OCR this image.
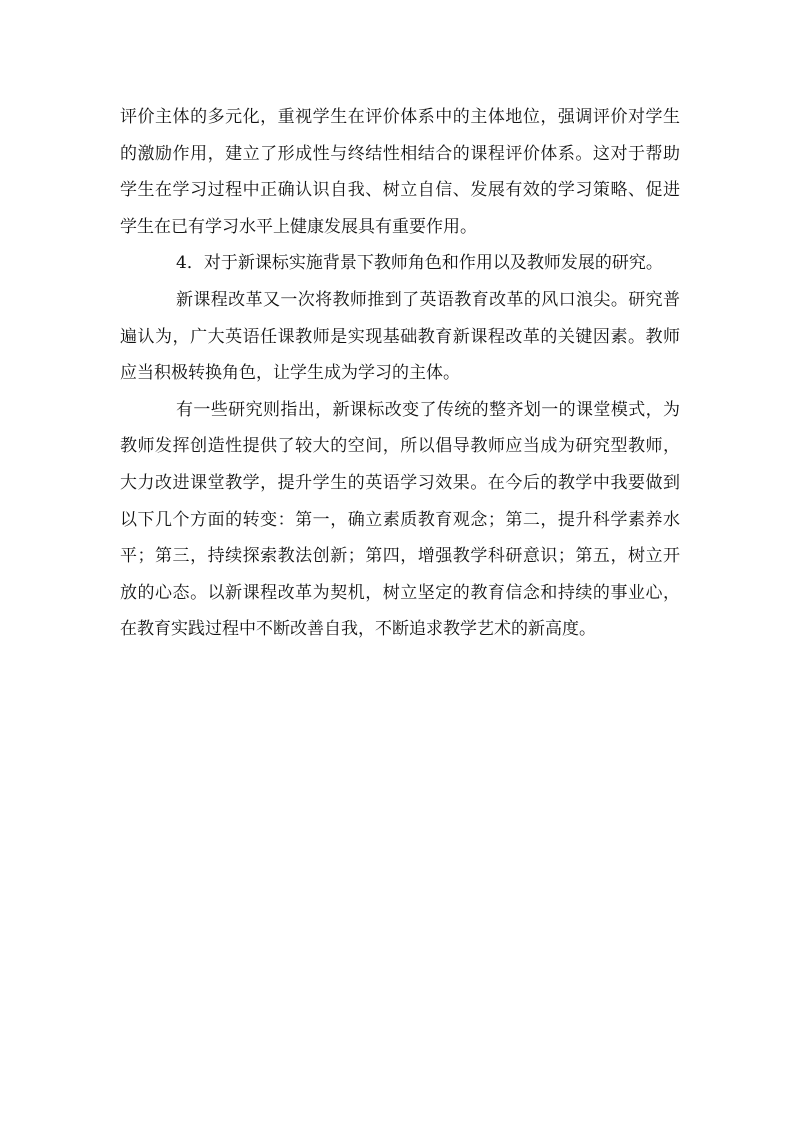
评价主体的多元化，重视学生在评价体系中的主体地位，强调评价对学生的激励作用，建立了形成性与终结性相结合的课程评价体系。这对于帮助学生在学习过程中正确认识自我、树立自信、发展有效的学习策略、促进学生在已有学习水平上健康发展具有重要作用。

4．对于新课标实施背景下教师角色和作用以及教师发展的研究。

新课程改革又一次将教师推到了英语教育改革的风口浪尖。研究普遍认为，广大英语任课教师是实现基础教育新课程改革的关键因素。教师应当积极转换角色，让学生成为学习的主体。

有一些研究则指出，新课标改变了传统的整齐划一的课堂模式，为教师发挥创造性提供了较大的空间，所以倡导教师应当成为研究型教师，大力改进课堂教学，提升学生的英语学习效果。在今后的教学中我要做到以下几个方面的转变：第一，确立素质教育观念；第二，提升科学素养水平；第三，持续探索教法创新；第四，增强教学科研意识；第五，树立开放的心态。以新课程改革为契机，树立坚定的教育信念和持续的事业心，在教育实践过程中不断改善自我，不断追求教学艺术的新高度。
